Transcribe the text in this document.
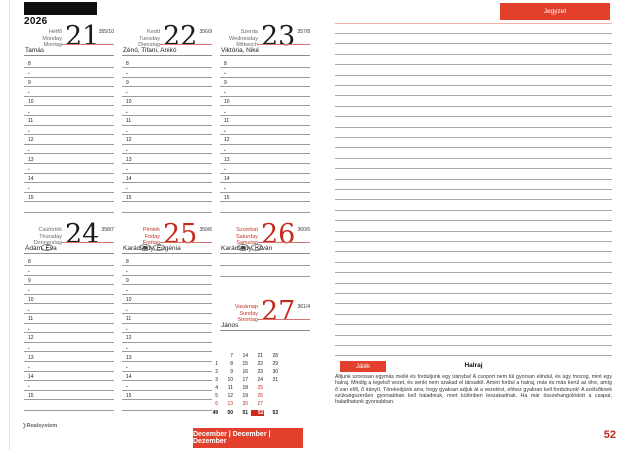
2026
Hétfő
Monday
Montag 21 355/10
Tamás
8
•
9
•
10
•
11
•
12
•
13
•
14
•
15
Kedd
Tuesday
Dienstag 22 356/9
Zénó, Tifani, Anikó
8
•
9
•
10
•
11
•
12
•
13
•
14
•
15
Szerda
Wednesday
Mittwoch 23 357/8
Viktória, Niké
8
•
9
•
10
•
11
•
12
•
13
•
14
•
15
Csütörtök
Thursday
Donnerstag 24 358/7
Ádám, Éva
8
•
9
•
10
•
11
•
12
•
13
•
14
•
15
Péntek
Friday
Freitag 25 359/6
Karácsony, Eugénia
8
•
9
•
10
•
11
•
12
•
13
•
14
•
15
Szombat
Saturday
Samstag 26 360/5
Karácsony, István
Vasárnap
Sunday
Sonntag 27 361/4
János
1
2
3
4
5
6
49
7
8
9
10
11
12
13
50
14
15
16
17
18
19
20
51
21
22
23
24
25
26
27
52
28
29
30
31
53
❯Realsystem
December | December | Dezember
Jegyzet
Játék	Halraj

Álljunk szorosan egymás mellé és forduljunk egy irányba! A csoport nem túl gyorsan elindul, és úgy mozog, mint egy halraj. Mindig a legelső vezet, és senki nem szakad el társaitól. Amint fordul a halraj, más és más kerül az élre, amíg ő van elől, ő irányít. Törekedjünk arra, hogy gyakran adjuk át a vezetést, ehhez gyakran kell fordulnunk! A szélsőknek szükségszerűen gyorsabban kell haladniuk, mert különben leszakadnak. Ha már összehangolódott a csapat, haladhatunk gyorsabban.

52
